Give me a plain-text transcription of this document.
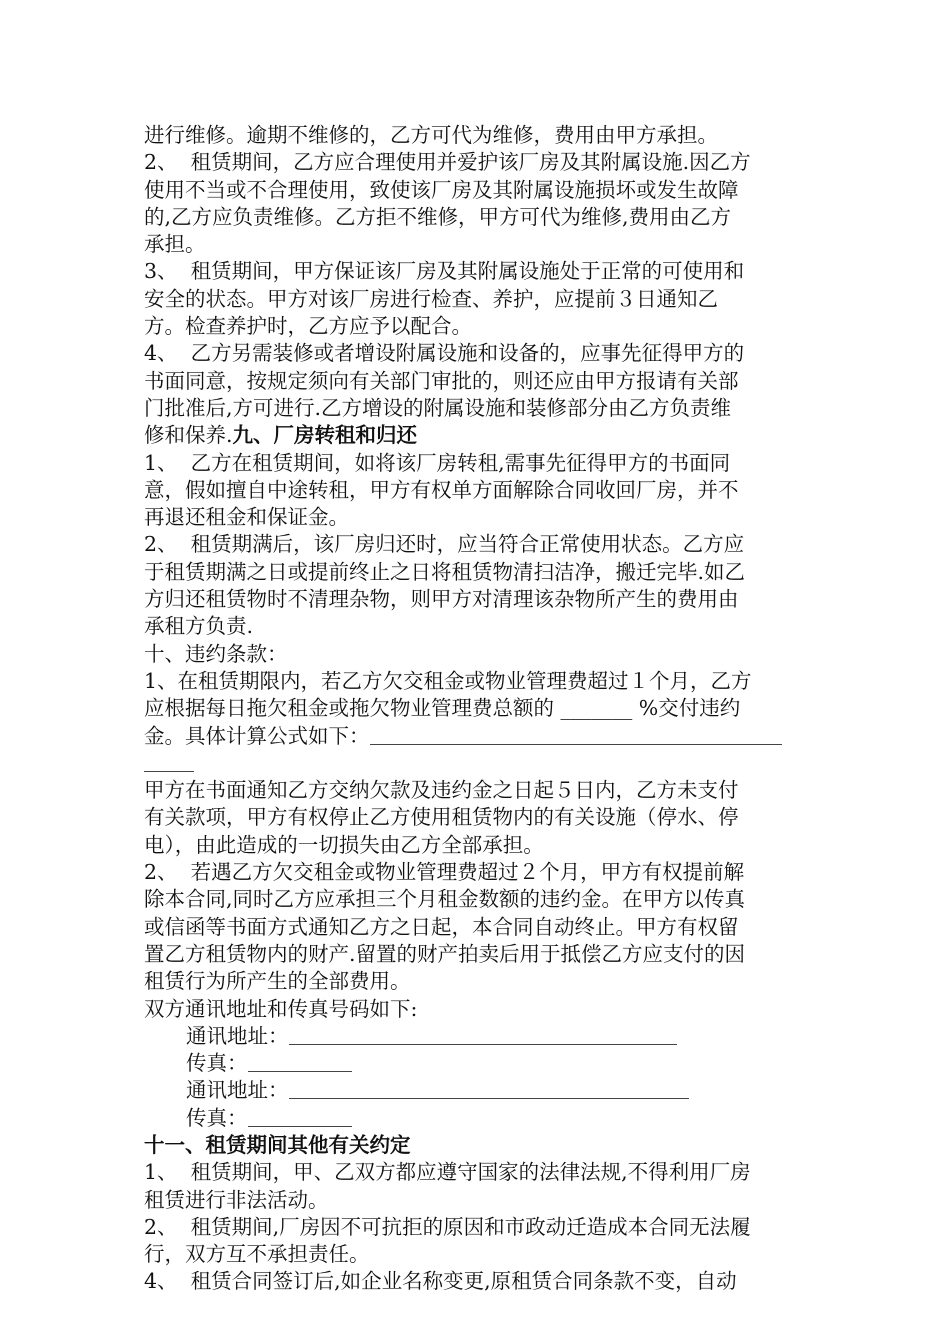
进行维修。逾期不维修的，乙方可代为维修，费用由甲方承担。
2、  租赁期间，乙方应合理使用并爱护该厂房及其附属设施.因乙方
使用不当或不合理使用，致使该厂房及其附属设施损坏或发生故障
的,乙方应负责维修。乙方拒不维修，甲方可代为维修,费用由乙方
承担。
3、  租赁期间，甲方保证该厂房及其附属设施处于正常的可使用和
安全的状态。甲方对该厂房进行检查、养护，应提前３日通知乙
方。检查养护时，乙方应予以配合。
4、  乙方另需装修或者增设附属设施和设备的，应事先征得甲方的
书面同意，按规定须向有关部门审批的，则还应由甲方报请有关部
门批准后,方可进行.乙方增设的附属设施和装修部分由乙方负责维
修和保养.九、厂房转租和归还
1、  乙方在租赁期间，如将该厂房转租,需事先征得甲方的书面同
意，假如擅自中途转租，甲方有权单方面解除合同收回厂房，并不
再退还租金和保证金。
2、  租赁期满后，该厂房归还时，应当符合正常使用状态。乙方应
于租赁期满之日或提前终止之日将租赁物清扫洁净，搬迁完毕.如乙
方归还租赁物时不清理杂物，则甲方对清理该杂物所产生的费用由
承租方负责.
十、违约条款：
1、在租赁期限内，若乙方欠交租金或物业管理费超过１个月，乙方
应根据每日拖欠租金或拖欠物业管理费总额的 _______ %交付违约
金。具体计算公式如下：
甲方在书面通知乙方交纳欠款及违约金之日起５日内，乙方未支付
有关款项，甲方有权停止乙方使用租赁物内的有关设施（停水、停
电），由此造成的一切损失由乙方全部承担。
2、  若遇乙方欠交租金或物业管理费超过２个月，甲方有权提前解
除本合同,同时乙方应承担三个月租金数额的违约金。在甲方以传真
或信函等书面方式通知乙方之日起，本合同自动终止。甲方有权留
置乙方租赁物内的财产.留置的财产拍卖后用于抵偿乙方应支付的因
租赁行为所产生的全部费用。
双方通讯地址和传真号码如下:
通讯地址：
传真：
通讯地址：
传真：
十一、租赁期间其他有关约定
1、  租赁期间，甲、乙双方都应遵守国家的法律法规,不得利用厂房
租赁进行非法活动。
2、  租赁期间,厂房因不可抗拒的原因和市政动迁造成本合同无法履
行，双方互不承担责任。
4、  租赁合同签订后,如企业名称变更,原租赁合同条款不变，自动
